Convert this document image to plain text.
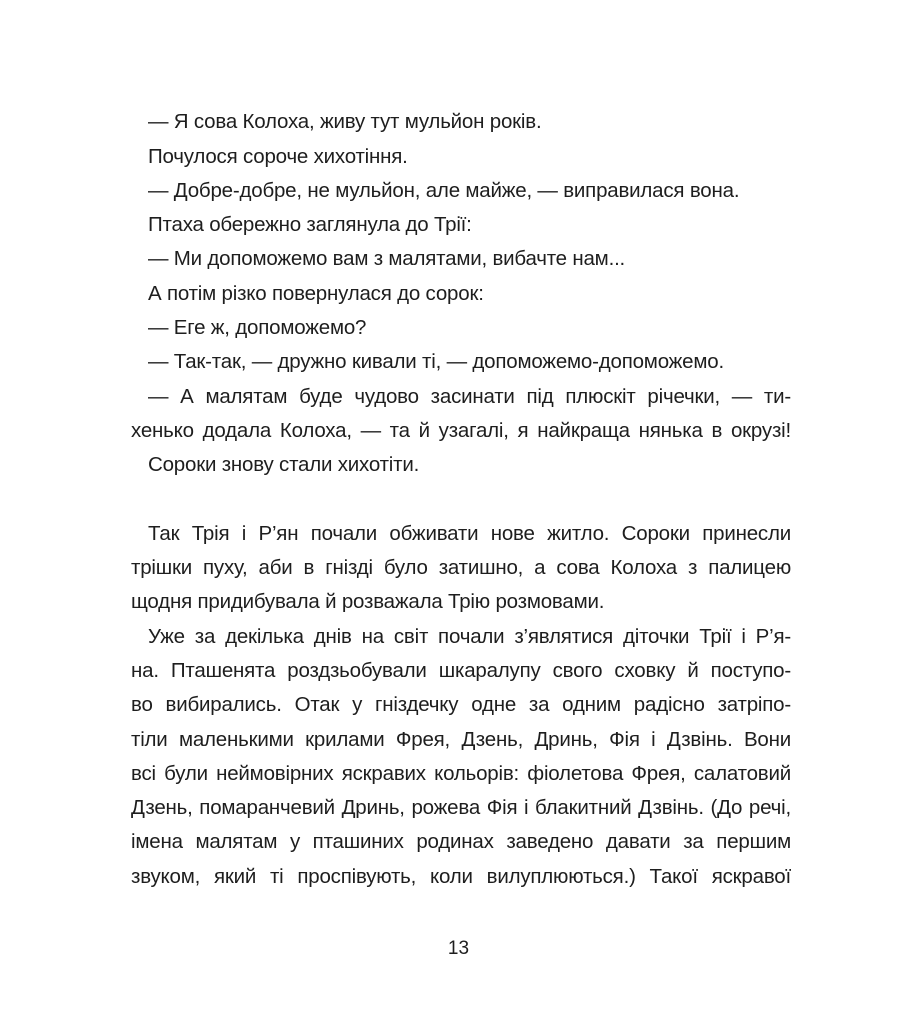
— Я сова Колоха, живу тут мульйон років.
Почулося сороче хихотіння.
— Добре-добре, не мульйон, але майже, — виправилася вона.
Птаха обережно заглянула до Трії:
— Ми допоможемо вам з малятами, вибачте нам...
А потім різко повернулася до сорок:
— Еге ж, допоможемо?
— Так-так, — дружно кивали ті, — допоможемо-допоможемо.
— А малятам буде чудово засинати під плюскіт річечки, — ти-
хенько додала Колоха, — та й узагалі, я найкраща нянька в окрузі!
Сороки знову стали хихотіти.
Так Трія і Р’ян почали обживати нове житло. Сороки принесли
трішки пуху, аби в гнізді було затишно, а сова Колоха з палицею
щодня придибувала й розважала Трію розмовами.
Уже за декілька днів на світ почали з’являтися діточки Трії і Р’я-
на. Пташенята роздзьобували шкаралупу свого сховку й поступо-
во вибирались. Отак у гніздечку одне за одним радісно затріпо-
тіли маленькими крилами Фрея, Дзень, Дринь, Фія і Дзвінь. Вони
всі були неймовірних яскравих кольорів: фіолетова Фрея, салатовий
Дзень, помаранчевий Дринь, рожева Фія і блакитний Дзвінь. (До речі,
імена малятам у пташиних родинах заведено давати за першим
звуком, який ті проспівують, коли вилуплюються.) Такої яскравої
13
